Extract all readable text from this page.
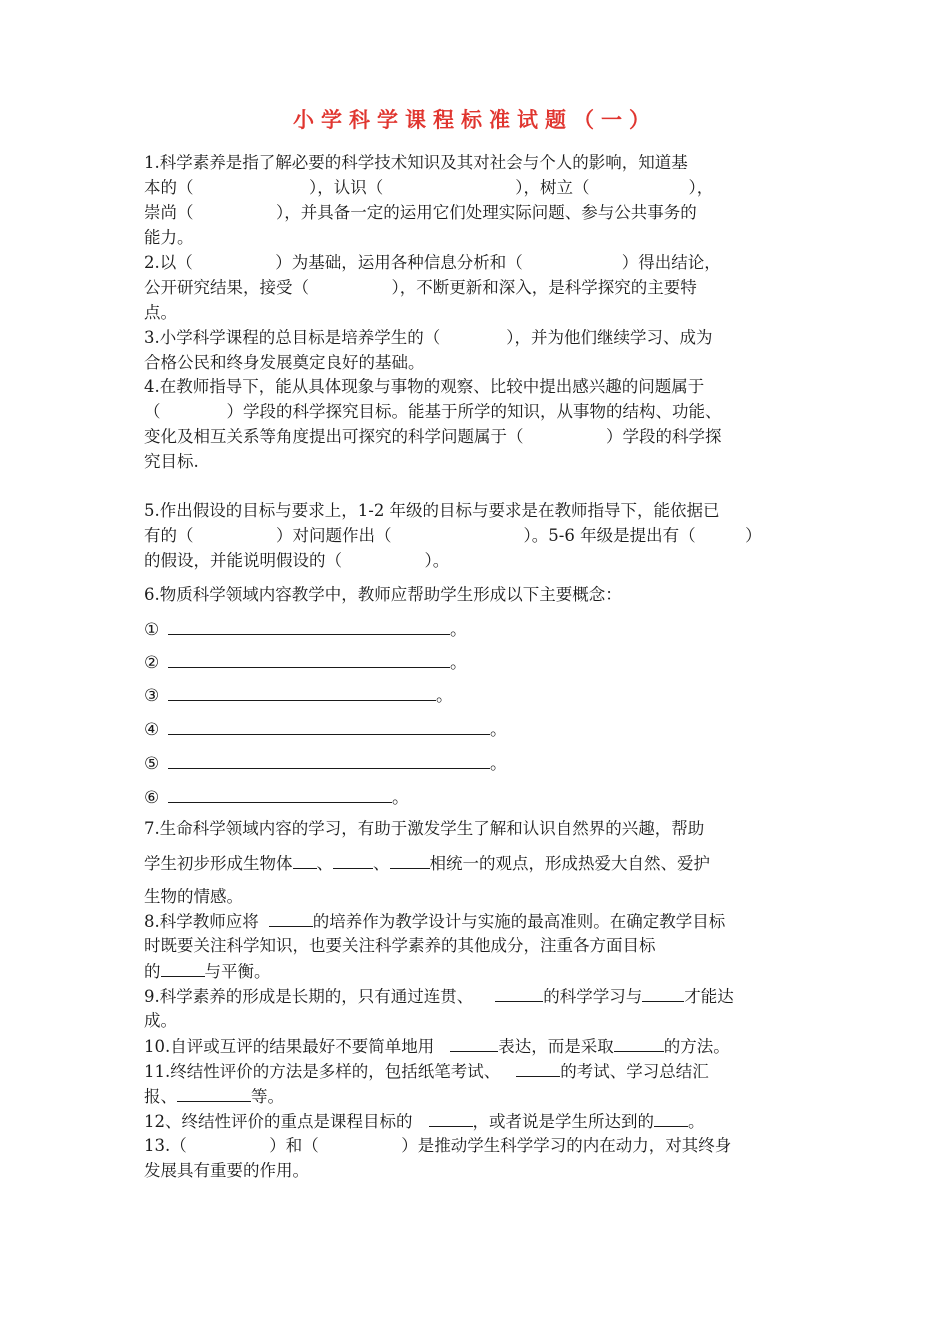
小学科学课程标准试题（一）
1.科学素养是指了解必要的科学技术知识及其对社会与个人的影响，知道基
本的（　　　　　　　），认识（　　　　　　　　），树立（　　　　　　），
崇尚（　　　　　），并具备一定的运用它们处理实际问题、参与公共事务的
能力。
2.以（　　　　　）为基础，运用各种信息分析和（　　　　　　）得出结论，
公开研究结果，接受（　　　　　），不断更新和深入，是科学探究的主要特
点。
3.小学科学课程的总目标是培养学生的（　　　　），并为他们继续学习、成为
合格公民和终身发展奠定良好的基础。
4.在教师指导下，能从具体现象与事物的观察、比较中提出感兴趣的问题属于
（　　　　）学段的科学探究目标。能基于所学的知识，从事物的结构、功能、
变化及相互关系等角度提出可探究的科学问题属于（　　　　　）学段的科学探
究目标.
5.作出假设的目标与要求上，1-2 年级的目标与要求是在教师指导下，能依据已
有的（　　　　　）对问题作出（　　　　　　　　）。5-6 年级是提出有（　　　）
的假设，并能说明假设的（　　　　　）。
6.物质科学领域内容教学中，教师应帮助学生形成以下主要概念：
①	。
②	。
③	。
④	。
⑤	。
⑥	。
7.生命科学领域内容的学习，有助于激发学生了解和认识自然界的兴趣，帮助
学生初步形成生物体 、 、 相统一的观点，形成热爱大自然、爱护
生物的情感。
8.科学教师应将	的培养作为教学设计与实施的最高准则。在确定教学目标
时既要关注科学知识，也要关注科学素养的其他成分，注重各方面目标
的	与平衡。
9.科学素养的形成是长期的，只有通过连贯、	的科学学习与	才能达
成。
10.自评或互评的结果最好不要简单地用	表达，而是采取	的方法。
11.终结性评价的方法是多样的，包括纸笔考试、	的考试、学习总结汇
报、	等。
12、终结性评价的重点是课程目标的	，或者说是学生所达到的 。
13.（　　　　　）和（　　　　　）是推动学生科学学习的内在动力，对其终身
发展具有重要的作用。
